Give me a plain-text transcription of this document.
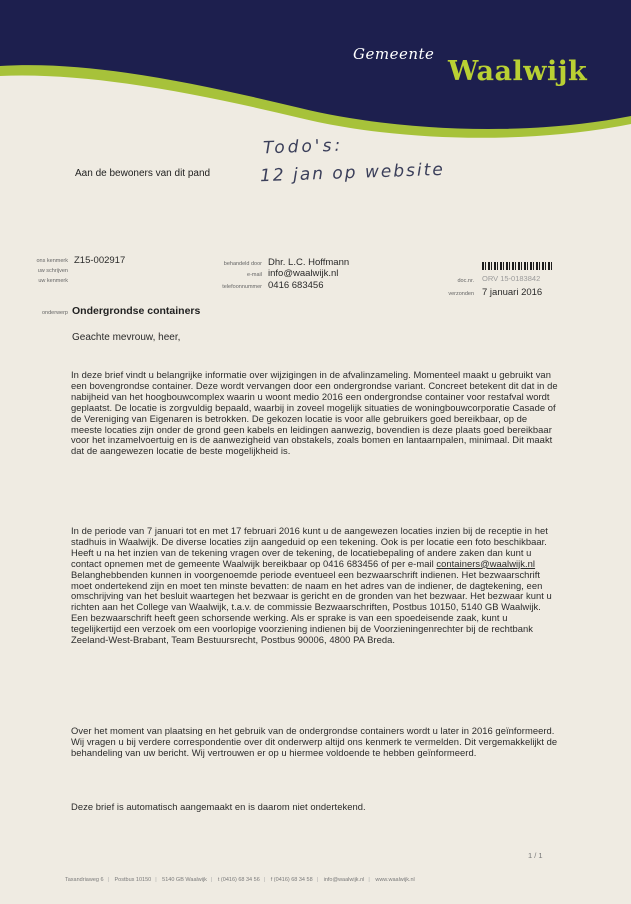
Gemeente
Waalwijk
Todo's:
12 jan op website
Aan de bewoners van dit pand
ons kenmerk Z15-002917
uw schrijven
uw kenmerk
behandeld door Dhr. L.C. Hoffmann
e-mail info@waalwijk.nl
telefoonnummer 0416 683456	doc.nr. ORV 15-0183842
verzonden 7 januari 2016
onderwerp Ondergrondse containers
Geachte mevrouw, heer,
In deze brief vindt u belangrijke informatie over wijzigingen in de afvalinzameling. Momenteel maakt u gebruikt van een bovengrondse container. Deze wordt vervangen door een ondergrondse variant. Concreet betekent dit dat in de nabijheid van het hoogbouwcomplex waarin u woont medio 2016 een ondergrondse container voor restafval wordt geplaatst. De locatie is zorgvuldig bepaald, waarbij in zoveel mogelijk situaties de woningbouwcorporatie Casade of de Vereniging van Eigenaren is betrokken. De gekozen locatie is voor alle gebruikers goed bereikbaar, op de meeste locaties zijn onder de grond geen kabels en leidingen aanwezig, bovendien is deze plaats goed bereikbaar voor het inzamelvoertuig en is de aanwezigheid van obstakels, zoals bomen en lantaarnpalen, minimaal. Dit maakt dat de aangewezen locatie de beste mogelijkheid is.
In de periode van 7 januari tot en met 17 februari 2016 kunt u de aangewezen locaties inzien bij de receptie in het stadhuis in Waalwijk. De diverse locaties zijn aangeduid op een tekening. Ook is per locatie een foto beschikbaar. Heeft u na het inzien van de tekening vragen over de tekening, de locatiebepaling of andere zaken dan kunt u contact opnemen met de gemeente Waalwijk bereikbaar op 0416 683456 of per e-mail containers@waalwijk.nl Belanghebbenden kunnen in voorgenoemde periode eventueel een bezwaarschrift indienen. Het bezwaarschrift moet ondertekend zijn en moet ten minste bevatten: de naam en het adres van de indiener, de dagtekening, een omschrijving van het besluit waartegen het bezwaar is gericht en de gronden van het bezwaar. Het bezwaar kunt u richten aan het College van Waalwijk, t.a.v. de commissie Bezwaarschriften, Postbus 10150, 5140 GB Waalwijk. Een bezwaarschrift heeft geen schorsende werking. Als er sprake is van een spoedeisende zaak, kunt u tegelijkertijd een verzoek om een voorlopige voorziening indienen bij de Voorzieningenrechter bij de rechtbank Zeeland-West-Brabant, Team Bestuursrecht, Postbus 90006, 4800 PA Breda.
Over het moment van plaatsing en het gebruik van de ondergrondse containers wordt u later in 2016 geïnformeerd. Wij vragen u bij verdere correspondentie over dit onderwerp altijd ons kenmerk te vermelden. Dit vergemakkelijkt de behandeling van uw bericht. Wij vertrouwen er op u hiermee voldoende te hebben geïnformeerd.
Deze brief is automatisch aangemaakt en is daarom niet ondertekend.
1 / 1
Taxandriaweg 6 | Postbus 10150 | 5140 GB Waalwijk | t (0416) 68 34 56 | f (0416) 68 34 58 | info@waalwijk.nl | www.waalwijk.nl
